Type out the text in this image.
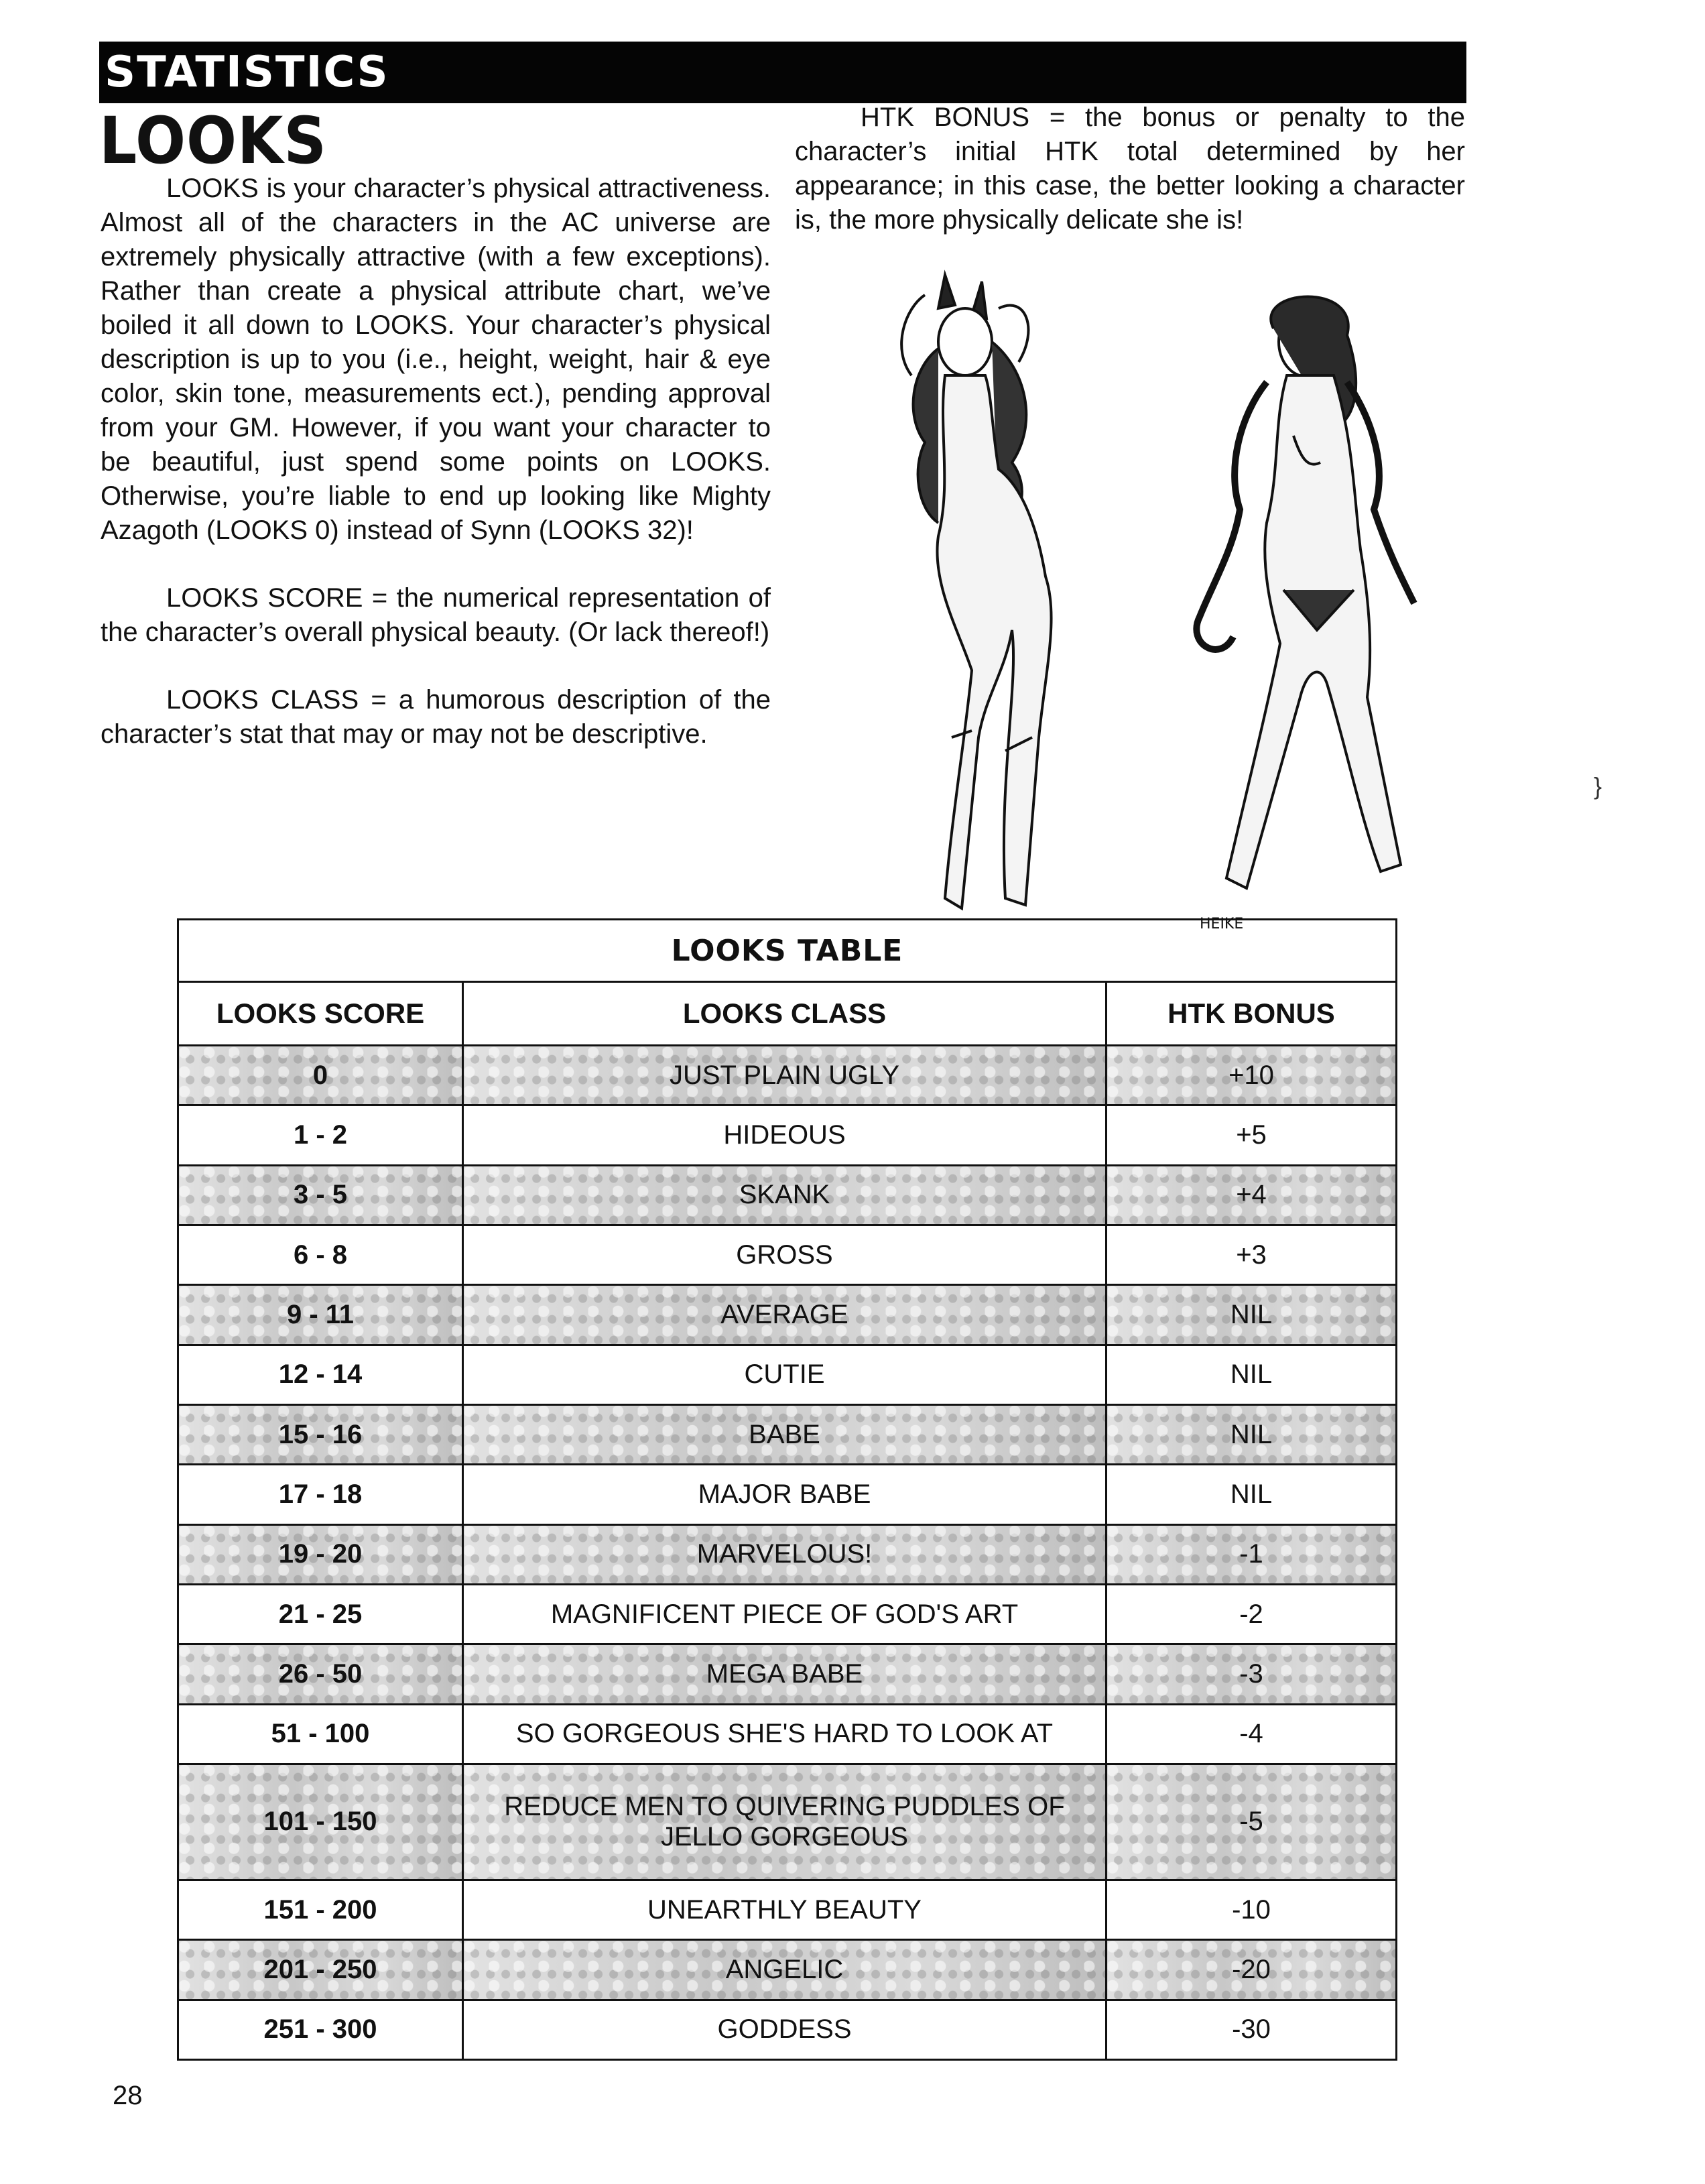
STATISTICS
LOOKS

LOOKS is your character’s physical attractiveness. Almost all of the characters in the AC universe are extremely physically attractive (with a few exceptions). Rather than create a physical attribute chart, we’ve boiled it all down to LOOKS. Your character’s physical description is up to you (i.e., height, weight, hair & eye color, skin tone, measurements ect.), pending approval from your GM. However, if you want your character to be beautiful, just spend some points on LOOKS. Otherwise, you’re liable to end up looking like Mighty Azagoth (LOOKS 0) instead of Synn (LOOKS 32)!

LOOKS SCORE = the numerical representation of the character’s overall physical beauty. (Or lack thereof!)

LOOKS CLASS = a humorous description of the character’s stat that may or may not be descriptive.

HTK BONUS = the bonus or penalty to the character’s initial HTK total determined by her appearance; in this case, the better looking a character is, the more physically delicate she is!

HEIKE
LOOKS TABLE		
LOOKS SCORE	LOOKS CLASS	HTK BONUS
0	JUST PLAIN UGLY	+10
1 - 2	HIDEOUS	+5
3 - 5	SKANK	+4
6 - 8	GROSS	+3
9 - 11	AVERAGE	NIL
12 - 14	CUTIE	NIL
15 - 16	BABE	NIL
17 - 18	MAJOR BABE	NIL
19 - 20	MARVELOUS!	-1
21 - 25	MAGNIFICENT PIECE OF GOD'S ART	-2
26 - 50	MEGA BABE	-3
51 - 100	SO GORGEOUS SHE'S HARD TO LOOK AT	-4
101 - 150	REDUCE MEN TO QUIVERING PUDDLES OF JELLO GORGEOUS	-5
151 - 200	UNEARTHLY BEAUTY	-10
201 - 250	ANGELIC	-20
251 - 300	GODDESS	-30
28
}
